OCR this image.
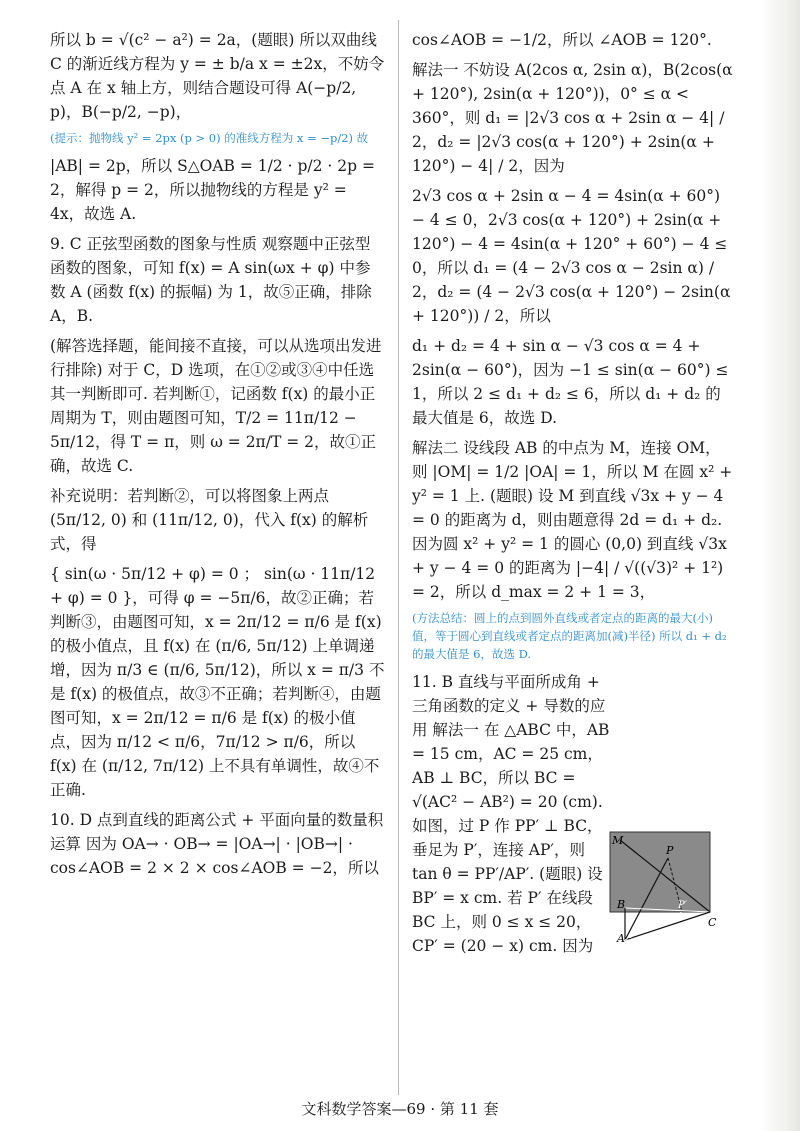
所以 b = √(c² − a²) = 2a，(题眼) 所以双曲线 C 的渐近线方程为 y = ± b/a x = ±2x，不妨令点 A 在 x 轴上方，则结合题设可得 A(−p/2, p)，B(−p/2, −p)，

(提示：抛物线 y² = 2px (p > 0) 的准线方程为 x = −p/2) 故

|AB| = 2p，所以 S△OAB = 1/2 · p/2 · 2p = 2，解得 p = 2，所以抛物线的方程是 y² = 4x，故选 A.

9. C 正弦型函数的图象与性质 观察题中正弦型函数的图象，可知 f(x) = A sin(ωx + φ) 中参数 A (函数 f(x) 的振幅) 为 1，故⑤正确，排除 A，B.

(解答选择题，能间接不直接，可以从选项出发进行排除) 对于 C，D 选项，在①②或③④中任选其一判断即可. 若判断①，记函数 f(x) 的最小正周期为 T，则由题图可知，T/2 = 11π/12 − 5π/12，得 T = π，则 ω = 2π/T = 2，故①正确，故选 C.

补充说明：若判断②，可以将图象上两点 (5π/12, 0) 和 (11π/12, 0)，代入 f(x) 的解析式，得

{ sin(ω · 5π/12 + φ) = 0 ； sin(ω · 11π/12 + φ) = 0 }，可得 φ = −5π/6，故②正确；若判断③，由题图可知，x = 2π/12 = π/6 是 f(x) 的极小值点，且 f(x) 在 (π/6, 5π/12) 上单调递增，因为 π/3 ∈ (π/6, 5π/12)，所以 x = π/3 不是 f(x) 的极值点，故③不正确；若判断④，由题图可知，x = 2π/12 = π/6 是 f(x) 的极小值点，因为 π/12 < π/6，7π/12 > π/6，所以 f(x) 在 (π/12, 7π/12) 上不具有单调性，故④不正确.

10. D 点到直线的距离公式 + 平面向量的数量积运算 因为 OA→ · OB→ = |OA→| · |OB→| · cos∠AOB = 2 × 2 × cos∠AOB = −2，所以

cos∠AOB = −1/2，所以 ∠AOB = 120°.

解法一 不妨设 A(2cos α, 2sin α)，B(2cos(α + 120°), 2sin(α + 120°))，0° ≤ α < 360°，则 d₁ = |2√3 cos α + 2sin α − 4| / 2，d₂ = |2√3 cos(α + 120°) + 2sin(α + 120°) − 4| / 2，因为

2√3 cos α + 2sin α − 4 = 4sin(α + 60°) − 4 ≤ 0，2√3 cos(α + 120°) + 2sin(α + 120°) − 4 = 4sin(α + 120° + 60°) − 4 ≤ 0，所以 d₁ = (4 − 2√3 cos α − 2sin α) / 2，d₂ = (4 − 2√3 cos(α + 120°) − 2sin(α + 120°)) / 2，所以

d₁ + d₂ = 4 + sin α − √3 cos α = 4 + 2sin(α − 60°)，因为 −1 ≤ sin(α − 60°) ≤ 1，所以 2 ≤ d₁ + d₂ ≤ 6，所以 d₁ + d₂ 的最大值是 6，故选 D.

解法二 设线段 AB 的中点为 M，连接 OM，则 |OM| = 1/2 |OA| = 1，所以 M 在圆 x² + y² = 1 上. (题眼) 设 M 到直线 √3x + y − 4 = 0 的距离为 d，则由题意得 2d = d₁ + d₂. 因为圆 x² + y² = 1 的圆心 (0,0) 到直线 √3x + y − 4 = 0 的距离为 |−4| / √((√3)² + 1²) = 2，所以 d_max = 2 + 1 = 3，

(方法总结：圆上的点到圆外直线或者定点的距离的最大(小)值，等于圆心到直线或者定点的距离加(减)半径) 所以 d₁ + d₂ 的最大值是 6，故选 D.

11. B 直线与平面所成角 + 三角函数的定义 + 导数的应用 解法一 在 △ABC 中，AB = 15 cm，AC = 25 cm，AB ⊥ BC，所以 BC = √(AC² − AB²) = 20 (cm). 如图，过 P 作 PP′ ⊥ BC，垂足为 P′，连接 AP′，则 tan θ = PP′/AP′. (题眼) 设 BP′ = x cm. 若 P′ 在线段 BC 上，则 0 ≤ x ≤ 20，CP′ = (20 − x) cm. 因为

M
P
B	P′
C
A
文科数学答案—69 · 第 11 套
